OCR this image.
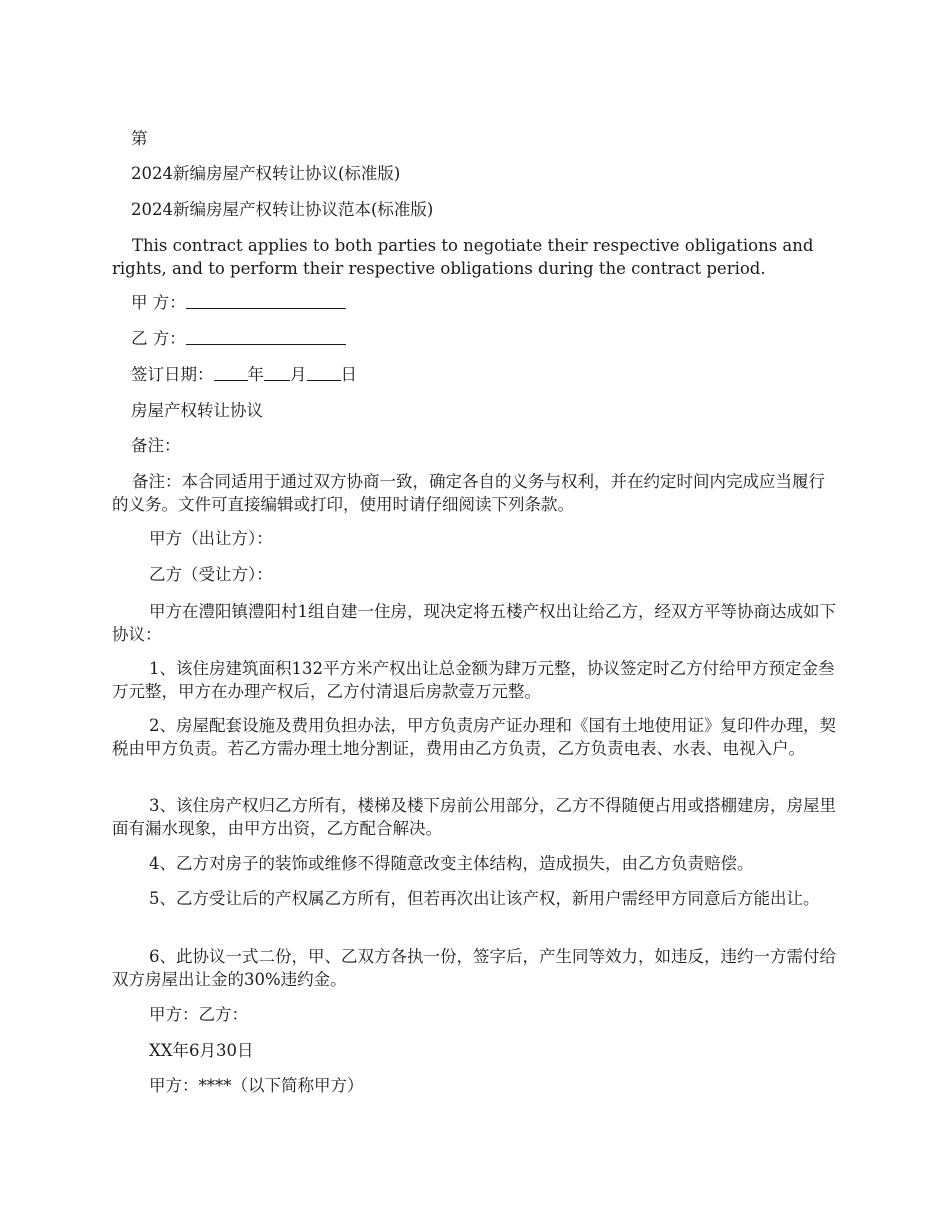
第
2024新编房屋产权转让协议(标准版)
2024新编房屋产权转让协议范本(标准版)
This contract applies to both parties to negotiate their respective obligations and rights, and to perform their respective obligations during the contract period.
甲 方：
乙 方：
签订日期： 年 月 日
房屋产权转让协议
备注：
备注：本合同适用于通过双方协商一致，确定各自的义务与权利，并在约定时间内完成应当履行的义务。文件可直接编辑或打印，使用时请仔细阅读下列条款。
甲方（出让方）：
乙方（受让方）：
甲方在澧阳镇澧阳村1组自建一住房，现决定将五楼产权出让给乙方，经双方平等协商达成如下协议：
1、该住房建筑面积132平方米产权出让总金额为肆万元整，协议签定时乙方付给甲方预定金叁万元整，甲方在办理产权后，乙方付清退后房款壹万元整。
2、房屋配套设施及费用负担办法，甲方负责房产证办理和《国有土地使用证》复印件办理，契税由甲方负责。若乙方需办理土地分割证，费用由乙方负责，乙方负责电表、水表、电视入户。
3、该住房产权归乙方所有，楼梯及楼下房前公用部分，乙方不得随便占用或搭棚建房，房屋里面有漏水现象，由甲方出资，乙方配合解决。
4、乙方对房子的装饰或维修不得随意改变主体结构，造成损失，由乙方负责赔偿。
5、乙方受让后的产权属乙方所有，但若再次出让该产权，新用户需经甲方同意后方能出让。
6、此协议一式二份，甲、乙双方各执一份，签字后，产生同等效力，如违反，违约一方需付给双方房屋出让金的30%违约金。
甲方：乙方：
XX年6月30日
甲方：****（以下简称甲方）
